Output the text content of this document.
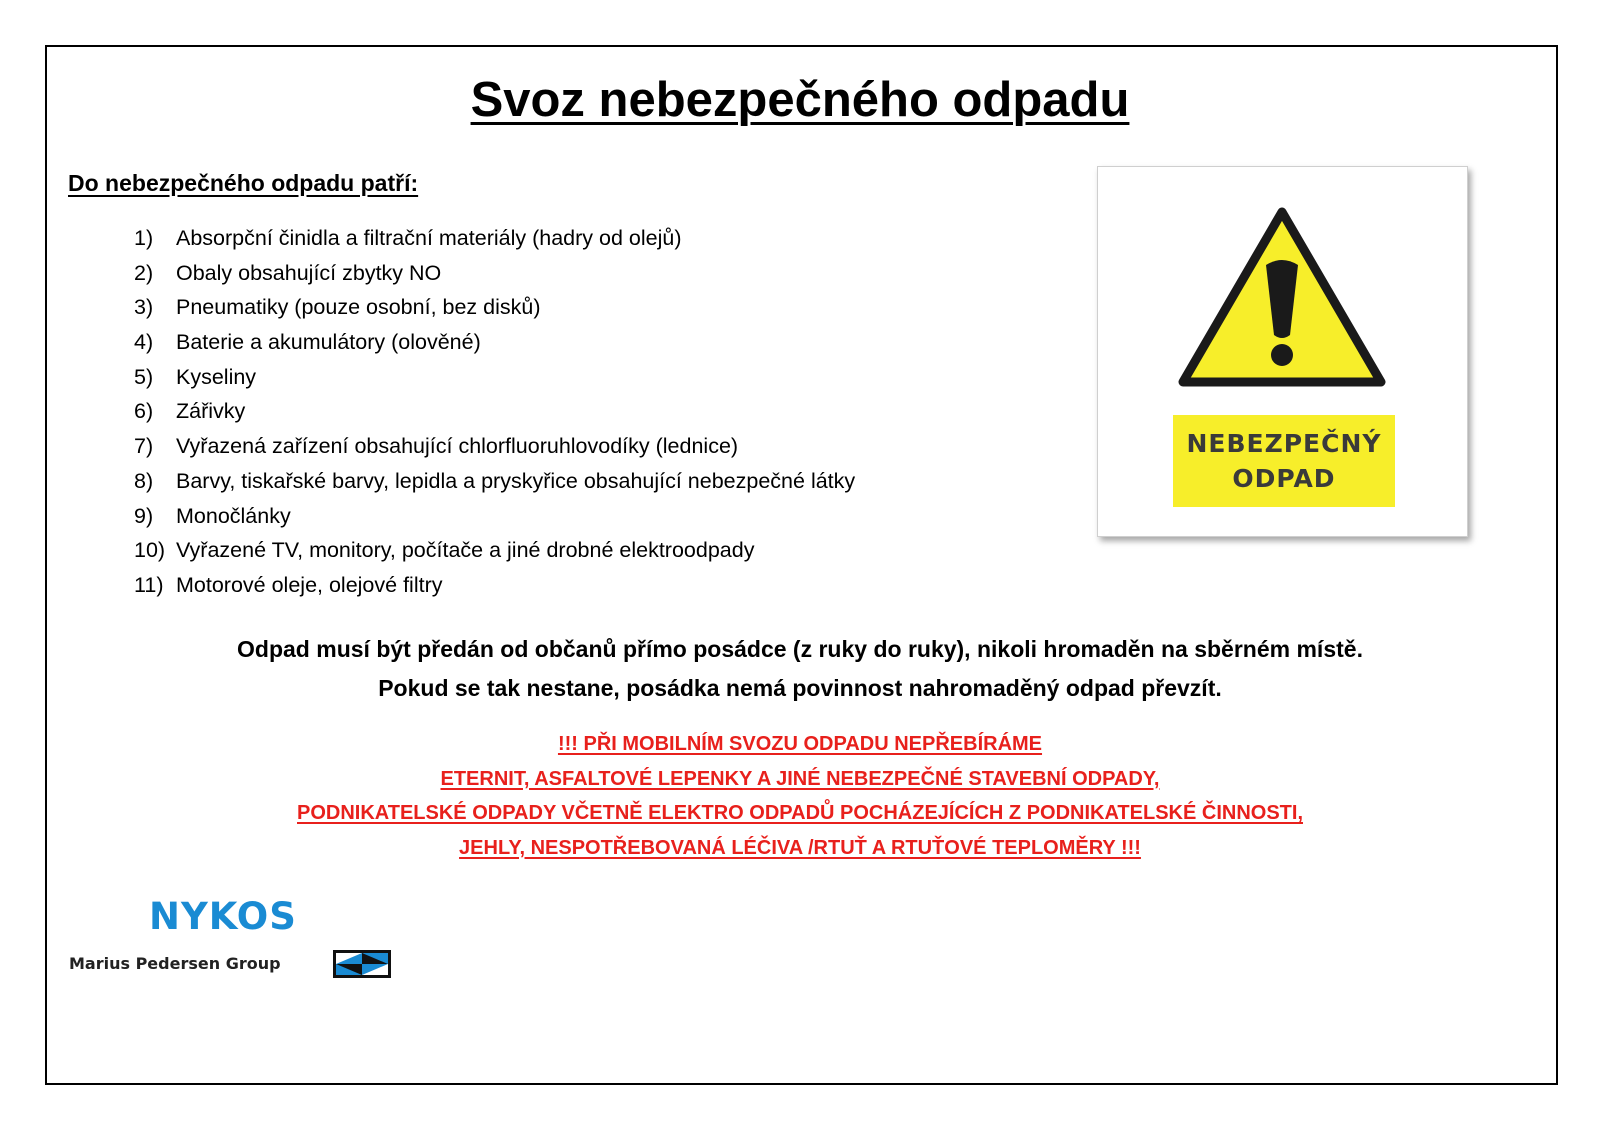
Svoz nebezpečného odpadu
Do nebezpečného odpadu patří:
1)	Absorpční činidla a filtrační materiály (hadry od olejů)
2)	Obaly obsahující zbytky NO
3)	Pneumatiky (pouze osobní, bez disků)
4)	Baterie a akumulátory (olověné)
5)	Kyseliny
6)	Zářivky
7)	Vyřazená zařízení obsahující chlorfluoruhlovodíky (lednice)
8)	Barvy, tiskařské barvy, lepidla a pryskyřice obsahující nebezpečné látky
9)	Monočlánky
10) Vyřazené TV, monitory, počítače a jiné drobné elektroodpady
11) Motorové oleje, olejové filtry
NEBEZPEČNÝ
ODPAD
Odpad musí být předán od občanů přímo posádce (z ruky do ruky), nikoli hromaděn na sběrném místě.
Pokud se tak nestane, posádka nemá povinnost nahromaděný odpad převzít.
!!! PŘI MOBILNÍM SVOZU ODPADU NEPŘEBÍRÁME
ETERNIT, ASFALTOVÉ LEPENKY A JINÉ NEBEZPEČNÉ STAVEBNÍ ODPADY,
PODNIKATELSKÉ ODPADY VČETNĚ ELEKTRO ODPADŮ POCHÁZEJÍCÍCH Z PODNIKATELSKÉ ČINNOSTI,
JEHLY, NESPOTŘEBOVANÁ LÉČIVA /RTUŤ A RTUŤOVÉ TEPLOMĚRY !!!
NYKOS
Marius Pedersen Group
